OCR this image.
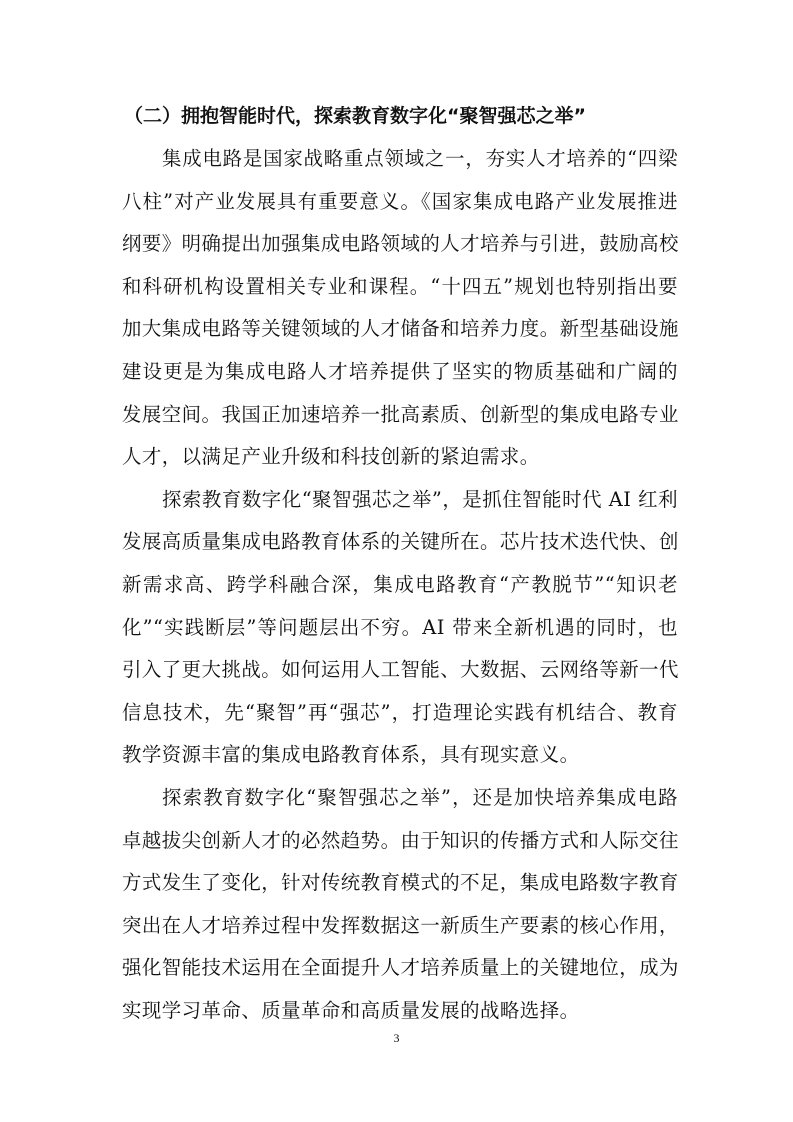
（二）拥抱智能时代，探索教育数字化“聚智强芯之举”
集成电路是国家战略重点领域之一，夯实人才培养的“四梁
八柱”对产业发展具有重要意义。《国家集成电路产业发展推进
纲要》明确提出加强集成电路领域的人才培养与引进，鼓励高校
和科研机构设置相关专业和课程。“十四五”规划也特别指出要
加大集成电路等关键领域的人才储备和培养力度。新型基础设施
建设更是为集成电路人才培养提供了坚实的物质基础和广阔的
发展空间。我国正加速培养一批高素质、创新型的集成电路专业
人才，以满足产业升级和科技创新的紧迫需求。
探索教育数字化“聚智强芯之举”，是抓住智能时代 AI 红利
发展高质量集成电路教育体系的关键所在。芯片技术迭代快、创
新需求高、跨学科融合深，集成电路教育“产教脱节”“知识老
化”“实践断层”等问题层出不穷。AI 带来全新机遇的同时，也
引入了更大挑战。如何运用人工智能、大数据、云网络等新一代
信息技术，先“聚智”再“强芯”，打造理论实践有机结合、教育
教学资源丰富的集成电路教育体系，具有现实意义。
探索教育数字化“聚智强芯之举”，还是加快培养集成电路
卓越拔尖创新人才的必然趋势。由于知识的传播方式和人际交往
方式发生了变化，针对传统教育模式的不足，集成电路数字教育
突出在人才培养过程中发挥数据这一新质生产要素的核心作用，
强化智能技术运用在全面提升人才培养质量上的关键地位，成为
实现学习革命、质量革命和高质量发展的战略选择。
3
